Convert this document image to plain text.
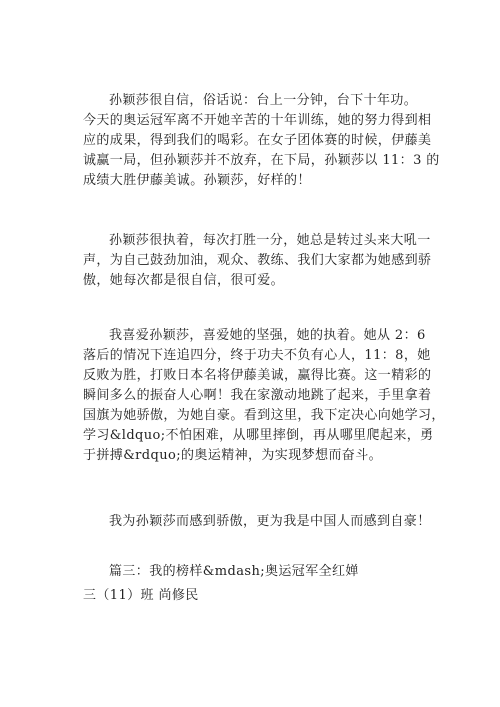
孙颖莎很自信，俗话说：台上一分钟，台下十年功。
今天的奥运冠军离不开她辛苦的十年训练，她的努力得到相
应的成果，得到我们的喝彩。在女子团体赛的时候，伊藤美
诚赢一局，但孙颖莎并不放弃，在下局，孙颖莎以 11：3 的
成绩大胜伊藤美诚。孙颖莎，好样的！

孙颖莎很执着，每次打胜一分，她总是转过头来大吼一
声，为自己鼓劲加油，观众、教练、我们大家都为她感到骄
傲，她每次都是很自信，很可爱。

我喜爱孙颖莎，喜爱她的坚强，她的执着。她从 2：6
落后的情况下连追四分，终于功夫不负有心人，11：8，她
反败为胜，打败日本名将伊藤美诚，赢得比赛。这一精彩的
瞬间多么的振奋人心啊！我在家激动地跳了起来，手里拿着
国旗为她骄傲，为她自豪。看到这里，我下定决心向她学习，
学习&ldquo;不怕困难，从哪里摔倒，再从哪里爬起来，勇
于拼搏&rdquo;的奥运精神，为实现梦想而奋斗。

我为孙颖莎而感到骄傲，更为我是中国人而感到自豪！

篇三：我的榜样&mdash;奥运冠军全红婵

三（11）班 尚修民
